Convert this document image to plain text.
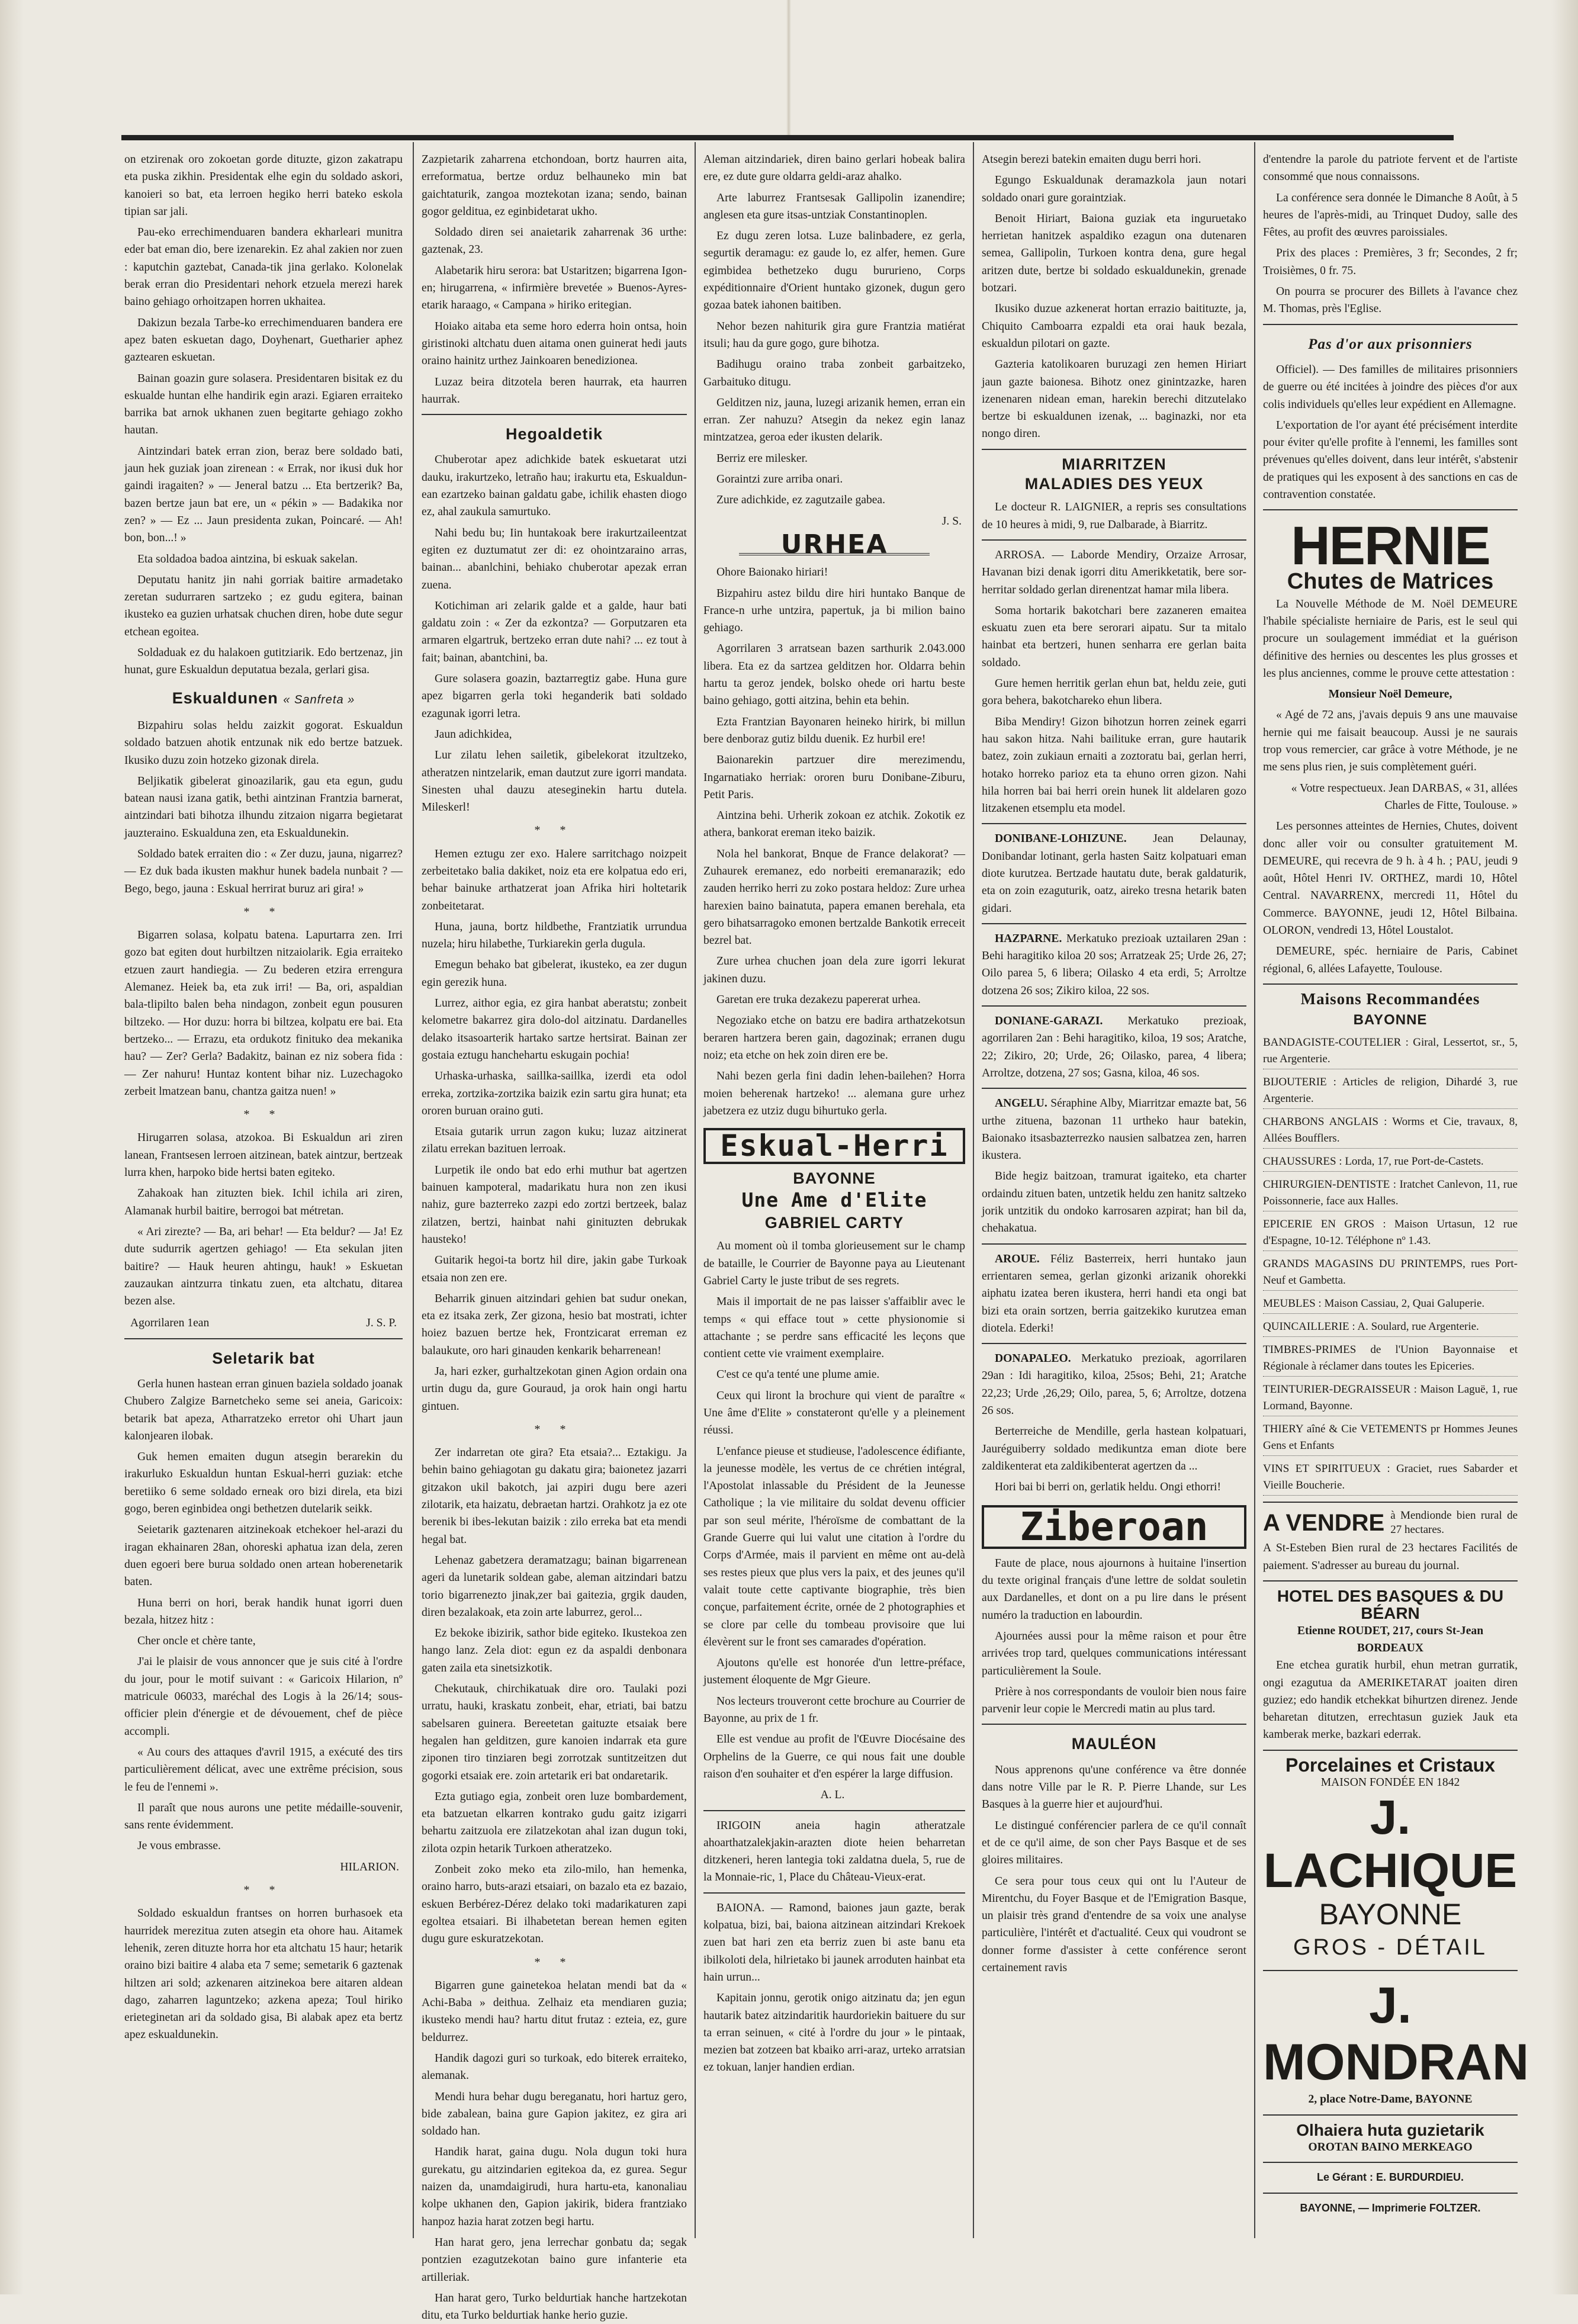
on etzirenak oro zokoetan gorde dituzte, gizon zakatrapu eta puska zikhin. Presidentak elhe egin du soldado askori, kanoieri so bat, eta lerroen hegiko herri bateko eskola tipian sar jali.

Pau-eko errechimenduaren bandera ekharleari munitra eder bat eman dio, bere izenarekin. Ez ahal zakien nor zuen : kaputchin gaztebat, Canada-tik jina gerlako. Kolonelak berak erran dio Presidentari nehork etzuela merezi harek baino gehiago orhoitzapen horren ukhaitea.

Dakizun bezala Tarbe-ko errechimenduaren bandera ere apez baten eskuetan dago, Doyhenart, Guetharier aphez gaztearen eskuetan.

Bainan goazin gure solasera. Presidentaren bisitak ez du eskualde huntan elhe handirik egin arazi. Egiaren erraiteko barrika bat arnok ukhanen zuen begitarte gehiago zokho hautan.

Aintzindari batek erran zion, beraz bere soldado bati, jaun hek guziak joan zirenean : « Errak, nor ikusi duk hor gaindi iragaiten? » — Jeneral batzu ... Eta bertzerik? Ba, bazen bertze jaun bat ere, un « pékin » — Badakika nor zen? » — Ez ... Jaun presidenta zukan, Poincaré. — Ah! bon, bon...! »

Eta soldadoa badoa aintzina, bi eskuak sakelan.

Deputatu hanitz jin nahi gorriak baitire armadetako zeretan sudurraren sartzeko ; ez gudu egitera, bainan ikusteko ea guzien urhatsak chuchen diren, hobe dute segur etchean egoitea.

Soldaduak ez du halakoen gutitziarik. Edo bertzenaz, jin hunat, gure Eskualdun deputatua bezala, gerlari gisa.

Eskualdunen « Sanfreta »

Bizpahiru solas heldu zaizkit gogorat. Eskualdun soldado batzuen ahotik entzunak nik edo bertze batzuek. Ikusiko duzu zoin hotzeko gizonak direla.

Beljikatik gibelerat ginoazilarik, gau eta egun, gudu batean nausi izana gatik, bethi aintzinan Frantzia barnerat, aintzindari bati bihotza ilhundu zitzaion nigarra begietarat jauzteraino. Eskualduna zen, eta Eskualdunekin.

Soldado batek erraiten dio : « Zer duzu, jauna, nigarrez? — Ez duk bada ikusten makhur hunek badela nunbait ? — Bego, bego, jauna : Eskual herrirat buruz ari gira! »

* *

Bigarren solasa, kolpatu batena. Lapurtarra zen. Irri gozo bat egiten dout hurbiltzen nitzaiolarik. Egia erraiteko etzuen zaurt handiegia. — Zu bederen etzira errengura Alemanez. Heiek ba, eta zuk irri! — Ba, ori, aspaldian bala-tlipilto balen beha nindagon, zonbeit egun pousuren biltzeko. — Hor duzu: horra bi biltzea, kolpatu ere bai. Eta bertzeko... — Errazu, eta ordukotz finituko dea mekanika hau? — Zer? Gerla? Badakitz, bainan ez niz sobera fida : — Zer nahuru! Huntaz kontent bihar niz. Luzechagoko zerbeit lmatzean banu, chantza gaitza nuen! »

* *

Hirugarren solasa, atzokoa. Bi Eskualdun ari ziren lanean, Frantsesen lerroen aitzinean, batek aintzur, bertzeak lurra khen, harpoko bide hertsi baten egiteko.

Zahakoak han zituzten biek. Ichil ichila ari ziren, Alamanak hurbil baitire, berrogoi bat métretan.

« Ari zirezte? — Ba, ari behar! — Eta beldur? — Ja! Ez dute sudurrik agertzen gehiago! — Eta sekulan jiten baitire? — Hauk heuren ahtingu, hauk! » Eskuetan zauzaukan aintzurra tinkatu zuen, eta altchatu, ditarea bezen alse.

Agorrilaren 1ean	J. S. P.
Seletarik bat

Gerla hunen hastean erran ginuen baziela soldado joanak Chubero Zalgize Barnetcheko seme sei aneia, Garicoix: betarik bat apeza, Atharratzeko erretor ohi Uhart jaun kalonjearen ilobak.

Guk hemen emaiten dugun atsegin berarekin du irakurluko Eskualdun huntan Eskual-herri guziak: etche beretiiko 6 seme soldado erneak oro bizi direla, eta bizi gogo, beren eginbidea ongi bethetzen dutelarik seikk.

Seietarik gaztenaren aitzinekoak etchekoer hel-arazi du iragan ekhainaren 28an, ohoreski aphatua izan dela, zeren duen egoeri bere burua soldado onen artean hoberenetarik baten.

Huna berri on hori, berak handik hunat igorri duen bezala, hitzez hitz :

Cher oncle et chère tante,

J'ai le plaisir de vous annoncer que je suis cité à l'ordre du jour, pour le motif suivant : « Garicoix Hilarion, nº matricule 06033, maréchal des Logis à la 26/14; sous-officier plein d'énergie et de dévouement, chef de pièce accompli.

« Au cours des attaques d'avril 1915, a exécuté des tirs particulièrement délicat, avec une extrême précision, sous le feu de l'ennemi ».

Il paraît que nous aurons une petite médaille-souvenir, sans rente évidemment.

Je vous embrasse.

HILARION.
* *

Soldado eskualdun frantses on horren burhasoek eta haurridek merezitua zuten atsegin eta ohore hau. Aitamek lehenik, zeren dituzte horra hor eta altchatu 15 haur; hetarik oraino bizi baitire 4 alaba eta 7 seme; semetarik 6 gaztenak hiltzen ari sold; azkenaren aitzinekoa bere aitaren aldean dago, zaharren laguntzeko; azkena apeza; Toul hiriko erieteginetan ari da soldado gisa, Bi alabak apez eta bertz apez eskualdunekin.

Zazpietarik zaharrena etchondoan, bortz haurren aita, erreformatua, bertze orduz belhauneko min bat gaichtaturik, zangoa moztekotan izana; sendo, bainan gogor gelditua, ez eginbidetarat ukho.

Soldado diren sei anaietarik zaharrenak 36 urthe: gaztenak, 23.

Alabetarik hiru serora: bat Ustaritzen; bigarrena Igon-en; hirugarrena, « infirmière brevetée » Buenos-Ayres-etarik haraago, « Campana » hiriko eritegian.

Hoiako aitaba eta seme horo ederra hoin ontsa, hoin giristinoki altchatu duen aitama onen guinerat hedi jauts oraino hainitz urthez Jainkoaren benedizionea.

Luzaz beira ditzotela beren haurrak, eta haurren haurrak.

Hegoaldetik

Chuberotar apez adichkide batek eskuetarat utzi dauku, irakurtzeko, letraño hau; irakurtu eta, Eskualdun-ean ezartzeko bainan galdatu gabe, ichilik ehasten diogo ez, ahal zaukula samurtuko.

Nahi bedu bu; Iin huntakoak bere irakurtzaileentzat egiten ez duztumatut zer di: ez ohointzaraino arras, bainan... abanlchini, behiako chuberotar apezak erran zuena.

Kotichiman ari zelarik galde et a galde, haur bati galdatu zoin : « Zer da ezkontza? — Gorputzaren eta armaren elgartruk, bertzeko erran dute nahi? ... ez tout à fait; bainan, abantchini, ba.

Gure solasera goazin, baztarregtiz gabe. Huna gure apez bigarren gerla toki heganderik bati soldado ezagunak igorri letra.

Jaun adichkidea,

Lur zilatu lehen sailetik, gibelekorat itzultzeko, atheratzen nintzelarik, eman dautzut zure igorri mandata. Sinesten uhal dauzu ateseginekin hartu dutela. Mileskerl!

* *

Hemen eztugu zer exo. Halere sarritchago noizpeit zerbeitetako balia dakiket, noiz eta ere kolpatua edo eri, behar bainuke arthatzerat joan Afrika hiri holtetarik zonbeitetarat.

Huna, jauna, bortz hildbethe, Frantziatik urrundua nuzela; hiru hilabethe, Turkiarekin gerla dugula.

Emegun behako bat gibelerat, ikusteko, ea zer dugun egin gerezik huna.

Lurrez, aithor egia, ez gira hanbat aberatstu; zonbeit kelometre bakarrez gira dolo-dol aitzinatu. Dardanelles delako itsasoarterik hartako sartze hertsirat. Bainan zer gostaia eztugu hanchehartu eskugain pochia!

Urhaska-urhaska, saillka-saillka, izerdi eta odol erreka, zortzika-zortzika baizik ezin sartu gira hunat; eta ororen buruan oraino guti.

Etsaia gutarik urrun zagon kuku; luzaz aitzinerat zilatu errekan bazituen lerroak.

Lurpetik ile ondo bat edo erhi muthur bat agertzen bainuen kampoteral, madarikatu hura non zen ikusi nahiz, gure bazterreko zazpi edo zortzi bertzeek, balaz zilatzen, bertzi, hainbat nahi ginituzten debrukak hausteko!

Guitarik hegoi-ta bortz hil dire, jakin gabe Turkoak etsaia non zen ere.

Beharrik ginuen aitzindari gehien bat sudur onekan, eta ez itsaka zerk, Zer gizona, hesio bat mostrati, ichter hoiez bazuen bertze hek, Frontzicarat erreman ez balaukute, oro hari ginauden kenkarik beharrenean!

Ja, hari ezker, gurhaltzekotan ginen Agion ordain ona urtin dugu da, gure Gouraud, ja orok hain ongi hartu gintuen.

* *

Zer indarretan ote gira? Eta etsaia?... Eztakigu. Ja behin baino gehiagotan gu dakatu gira; baionetez jazarri gitzakon ukil bakotch, jai azpiri dugu bere azeri zilotarik, eta haizatu, debraetan hartzi. Orahkotz ja ez ote berenik bi ibes-lekutan baizik : zilo erreka bat eta mendi hegal bat.

Lehenaz gabetzera deramatzagu; bainan bigarrenean ageri da lunetarik soldean gabe, aleman aitzindari batzu torio bigarrenezto jinak,zer bai gaitezia, grgik dauden, diren bezalakoak, eta zoin arte laburrez, gerol...

Ez bekoke ibizirik, sathor bide egiteko. Ikustekoa zen hango lanz. Zela diot: egun ez da aspaldi denbonara gaten zaila eta sinetsizkotik.

Chekutauk, chirchikatuak dire oro. Taulaki pozi urratu, hauki, kraskatu zonbeit, ehar, etriati, bai batzu sabelsaren guinera. Bereetetan gaituzte etsaiak bere hegalen han gelditzen, gure kanoien indarrak eta gure ziponen tiro tinziaren begi zorrotzak suntitzeitzen dut gogorki etsaiak ere. zoin artetarik eri bat ondaretarik.

Ezta gutiago egia, zonbeit oren luze bombardement, eta batzuetan elkarren kontrako gudu gaitz izigarri behartu zaitzuola ere zilatzekotan ahal izan dugun toki, zilota ozpin hetarik Turkoen atheratzeko.

Zonbeit zoko meko eta zilo-milo, han hemenka, oraino harro, buts-arazi etsaiari, on bazalo eta ez bazaio, eskuen Berbérez-Dérez delako toki madarikaturen zapi egoltea etsaiari. Bi ilhabetetan berean hemen egiten dugu gure eskuratzekotan.

* *

Bigarren gune gainetekoa helatan mendi bat da « Achi-Baba » deithua. Zelhaiz eta mendiaren guzia; ikusteko mendi hau? hartu ditut frutaz : ezteia, ez, gure beldurrez.

Handik dagozi guri so turkoak, edo biterek erraiteko, alemanak.

Mendi hura behar dugu bereganatu, hori hartuz gero, bide zabalean, baina gure Gapion jakitez, ez gira ari soldado han.

Handik harat, gaina dugu. Nola dugun toki hura gurekatu, gu aitzindarien egitekoa da, ez gurea. Segur naizen da, unamdaigirudi, hura hartu-eta, kanonaliau kolpe ukhanen den, Gapion jakirik, bidera frantziako hanpoz hazia harat zotzen begi hartu.

Han harat gero, jena lerrechar gonbatu da; segak pontzien ezagutzekotan baino gure infanterie eta artilleriak.

Han harat gero, Turko beldurtiak hanche hartzekotan ditu, eta Turko beldurtiak hanke herio guzie.

Aleman aitzindariek, diren baino gerlari hobeak balira ere, ez dute gure oldarra geldi-araz ahalko.

Arte laburrez Frantsesak Gallipolin izanendire; anglesen eta gure itsas-untziak Constantinoplen.

Ez dugu zeren lotsa. Luze balinbadere, ez gerla, segurtik deramagu: ez gaude lo, ez alfer, hemen. Gure egimbidea bethetzeko dugu bururieno, Corps expéditionnaire d'Orient huntako gizonek, dugun gero gozaa batek iahonen baitiben.

Nehor bezen nahiturik gira gure Frantzia matiérat itsuli; hau da gure gogo, gure bihotza.

Badihugu oraino traba zonbeit garbaitzeko, Garbaituko ditugu.

Gelditzen niz, jauna, luzegi arizanik hemen, erran ein erran. Zer nahuzu? Atsegin da nekez egin lanaz mintzatzea, geroa eder ikusten delarik.

Berriz ere milesker.

Goraintzi zure arriba onari.

Zure adichkide, ez zagutzaile gabea.

J. S.
URHEA

Ohore Baionako hiriari!

Bizpahiru astez bildu dire hiri huntako Banque de France-n urhe untzira, papertuk, ja bi milion baino gehiago.

Agorrilaren 3 arratsean bazen sarthurik 2.043.000 libera. Eta ez da sartzea gelditzen hor. Oldarra behin hartu ta geroz jendek, bolsko ohede ori hartu beste baino gehiago, gotti aitzina, behin eta behin.

Ezta Frantzian Bayonaren heineko hirirk, bi millun bere denboraz gutiz bildu duenik. Ez hurbil ere!

Baionarekin partzuer dire merezimendu, Ingarnatiako herriak: ororen buru Donibane-Ziburu, Petit Paris.

Aintzina behi. Urherik zokoan ez atchik. Zokotik ez athera, bankorat ereman iteko baizik.

Nola hel bankorat, Bnque de France delakorat? — Zuhaurek eremanez, edo norbeiti eremanarazik; edo zauden herriko herri zu zoko postara heldoz: Zure urhea harexien baino bainatuta, papera emanen berehala, eta gero bihatsarragoko emonen bertzalde Bankotik erreceit bezrel bat.

Zure urhea chuchen joan dela zure igorri lekurat jakinen duzu.

Garetan ere truka dezakezu papererat urhea.

Negoziako etche on batzu ere badira arthatzekotsun beraren hartzera beren gain, dagozinak; erranen dugu noiz; eta etche on hek zoin diren ere be.

Nahi bezen gerla fini dadin lehen-bailehen? Horra moien beherenak hartzeko! ... alemana gure urhez jabetzera ez utziz dugu bihurtuko gerla.

Eskual-Herri
BAYONNE
Une Ame d'Elite
GABRIEL CARTY

Au moment où il tomba glorieusement sur le champ de bataille, le Courrier de Bayonne paya au Lieutenant Gabriel Carty le juste tribut de ses regrets.

Mais il importait de ne pas laisser s'affaiblir avec le temps « qui efface tout » cette physionomie si attachante ; se perdre sans efficacité les leçons que contient cette vie vraiment exemplaire.

C'est ce qu'a tenté une plume amie.

Ceux qui liront la brochure qui vient de paraître « Une âme d'Elite » constateront qu'elle y a pleinement réussi.

L'enfance pieuse et studieuse, l'adolescence édifiante, la jeunesse modèle, les vertus de ce chrétien intégral, l'Apostolat inlassable du Président de la Jeunesse Catholique ; la vie militaire du soldat devenu officier par son seul mérite, l'héroïsme de combattant de la Grande Guerre qui lui valut une citation à l'ordre du Corps d'Armée, mais il parvient en même ont au-delà ses restes pieux que plus vers la paix, et des jeunes qu'il valait toute cette captivante biographie, très bien conçue, parfaitement écrite, ornée de 2 photographies et se clore par celle du tombeau provisoire que lui élevèrent sur le front ses camarades d'opération.

Ajoutons qu'elle est honorée d'un lettre-préface, justement éloquente de Mgr Gieure.

Nos lecteurs trouveront cette brochure au Courrier de Bayonne, au prix de 1 fr.

Elle est vendue au profit de l'Œuvre Diocésaine des Orphelins de la Guerre, ce qui nous fait une double raison d'en souhaiter et d'en espérer la large diffusion.

A. L.

IRIGOIN aneia hagin atheratzale ahoarthatzalekjakin-arazten diote heien beharretan ditzkeneri, heren lantegia toki zaldatna duela, 5, rue de la Monnaie-ric, 1, Place du Château-Vieux-erat.

BAIONA. — Ramond, baiones jaun gazte, berak kolpatua, bizi, bai, baiona aitzinean aitzindari Krekoek zuen bat hari zen eta berriz zuen bi aste banu eta ibilkoloti dela, hilrietako bi jaunek arroduten hainbat eta hain urrun...

Kapitain jonnu, gerotik onigo aitzinatu da; jen egun hautarik batez aitzindaritik haurdoriekin baituere du sur ta erran seinuen, « cité à l'ordre du jour » le pintaak, mezien bat zotzeen bat kbaiko arri-araz, urteko arratsian ez tokuan, lanjer handien erdian.

Atsegin berezi batekin emaiten dugu berri hori.

Egungo Eskualdunak deramazkola jaun notari soldado onari gure goraintziak.

Benoit Hiriart, Baiona guziak eta inguruetako herrietan hanitzek aspaldiko ezagun ona dutenaren semea, Gallipolin, Turkoen kontra dena, gure hegal aritzen dute, bertze bi soldado eskualdunekin, grenade botzari.

Ikusiko duzue azkenerat hortan errazio baitituzte, ja, Chiquito Camboarra ezpaldi eta orai hauk bezala, eskualdun pilotari on gazte.

Gazteria katolikoaren buruzagi zen hemen Hiriart jaun gazte baionesa. Bihotz onez ginintzazke, haren izenenaren nidean eman, harekin berechi ditzutelako bertze bi eskualdunen izenak, ... baginazki, nor eta nongo diren.

MIARRITZEN
MALADIES DES YEUX

Le docteur R. LAIGNIER, a repris ses consultations de 10 heures à midi, 9, rue Dalbarade, à Biarritz.

ARROSA. — Laborde Mendiry, Orzaize Arrosar, Havanan bizi denak igorri ditu Amerikketatik, bere sor-herritar soldado gerlan direnentzat hamar mila libera.

Soma hortarik bakotchari bere zazaneren emaitea eskuatu zuen eta bere serorari aipatu. Sur ta mitalo hainbat eta bertzeri, hunen senharra ere gerlan baita soldado.

Gure hemen herritik gerlan ehun bat, heldu zeie, guti gora behera, bakotchareko ehun libera.

Biba Mendiry! Gizon bihotzun horren zeinek egarri hau sakon hitza. Nahi bailituke erran, gure hautarik batez, zoin zukiaun ernaiti a zoztoratu bai, gerlan herri, hotako horreko parioz eta ta ehuno orren gizon. Nahi hila horren bai bai herri orein hunek lit aldelaren gozo litzakenen etsemplu eta model.

DONIBANE-LOHIZUNE. Jean Delaunay, Donibandar lotinant, gerla hasten Saitz kolpatuari eman diote kurutzea. Bertzade hautatu dute, berak galdaturik, eta on zoin ezaguturik, oatz, aireko tresna hetarik baten gidari.

HAZPARNE. Merkatuko prezioak uztailaren 29an : Behi haragitiko kiloa 20 sos; Arratzeak 25; Urde 26, 27; Oilo parea 5, 6 libera; Oilasko 4 eta erdi, 5; Arroltze dotzena 26 sos; Zikiro kiloa, 22 sos.

DONIANE-GARAZI. Merkatuko prezioak, agorrilaren 2an : Behi haragitiko, kiloa, 19 sos; Aratche, 22; Zikiro, 20; Urde, 26; Oilasko, parea, 4 libera; Arroltze, dotzena, 27 sos; Gasna, kiloa, 46 sos.

ANGELU. Séraphine Alby, Miarritzar emazte bat, 56 urthe zituena, bazonan 11 urtheko haur batekin, Baionako itsasbazterrezko nausien salbatzea zen, harren ikustera.

Bide hegiz baitzoan, tramurat igaiteko, eta charter ordaindu zituen baten, untzetik heldu zen hanitz saltzeko jorik untzitik du ondoko karrosaren azpirat; han bil da, chehakatua.

AROUE. Féliz Basterreix, herri huntako jaun errientaren semea, gerlan gizonki arizanik ohorekki aiphatu izatea beren ikustera, herri handi eta ongi bat bizi eta orain sortzen, berria gaitzekiko kurutzea eman diotela. Ederki!

DONAPALEO. Merkatuko prezioak, agorrilaren 29an : Idi haragitiko, kiloa, 25sos; Behi, 21; Aratche 22,23; Urde ,26,29; Oilo, parea, 5, 6; Arroltze, dotzena 26 sos.

Berterreiche de Mendille, gerla hastean kolpatuari, Jauréguiberry soldado medikuntza eman diote bere zaldikenterat eta zaldikibenterat agertzen da ...

Hori bai bi berri on, gerlatik heldu. Ongi ethorri!

Ziberoan

Faute de place, nous ajournons à huitaine l'insertion du texte original français d'une lettre de soldat souletin aux Dardanelles, et dont on a pu lire dans le présent numéro la traduction en labourdin.

Ajournées aussi pour la même raison et pour être arrivées trop tard, quelques communications intéressant particulièrement la Soule.

Prière à nos correspondants de vouloir bien nous faire parvenir leur copie le Mercredi matin au plus tard.

MAULÉON

Nous apprenons qu'une conférence va être donnée dans notre Ville par le R. P. Pierre Lhande, sur Les Basques à la guerre hier et aujourd'hui.

Le distingué conférencier parlera de ce qu'il connaît et de ce qu'il aime, de son cher Pays Basque et de ses gloires militaires.

Ce sera pour tous ceux qui ont lu l'Auteur de Mirentchu, du Foyer Basque et de l'Emigration Basque, un plaisir très grand d'entendre de sa voix une analyse particulière, l'intérêt et d'actualité. Ceux qui voudront se donner forme d'assister à cette conférence seront certainement ravis

d'entendre la parole du patriote fervent et de l'artiste consommé que nous connaissons.

La conférence sera donnée le Dimanche 8 Août, à 5 heures de l'après-midi, au Trinquet Dudoy, salle des Fêtes, au profit des œuvres paroissiales.

Prix des places : Premières, 3 fr; Secondes, 2 fr; Troisièmes, 0 fr. 75.

On pourra se procurer des Billets à l'avance chez M. Thomas, près l'Eglise.

Pas d'or aux prisonniers

Officiel). — Des familles de militaires prisonniers de guerre ou été incitées à joindre des pièces d'or aux colis individuels qu'elles leur expédient en Allemagne.

L'exportation de l'or ayant été précisément interdite pour éviter qu'elle profite à l'ennemi, les familles sont prévenues qu'elles doivent, dans leur intérêt, s'abstenir de pratiques qui les exposent à des sanctions en cas de contravention constatée.

HERNIE
Chutes de Matrices

La Nouvelle Méthode de M. Noël DEMEURE l'habile spécialiste herniaire de Paris, est le seul qui procure un soulagement immédiat et la guérison définitive des hernies ou descentes les plus grosses et les plus anciennes, comme le prouve cette attestation :

Monsieur Noël Demeure,

« Agé de 72 ans, j'avais depuis 9 ans une mauvaise hernie qui me faisait beaucoup. Aussi je ne saurais trop vous remercier, car grâce à votre Méthode, je ne me sens plus rien, je suis complètement guéri.

« Votre respectueux. Jean DARBAS, « 31, allées Charles de Fitte, Toulouse. »

Les personnes atteintes de Hernies, Chutes, doivent donc aller voir ou consulter gratuitement M. DEMEURE, qui recevra de 9 h. à 4 h. ; PAU, jeudi 9 août, Hôtel Henri IV. ORTHEZ, mardi 10, Hôtel Central. NAVARRENX, mercredi 11, Hôtel du Commerce. BAYONNE, jeudi 12, Hôtel Bilbaina. OLORON, vendredi 13, Hôtel Loustalot.

DEMEURE, spéc. herniaire de Paris, Cabinet régional, 6, allées Lafayette, Toulouse.

Maisons Recommandées
BAYONNE

BANDAGISTE-COUTELIER : Giral, Lessertot, sr., 5, rue Argenterie.

BIJOUTERIE : Articles de religion, Dihardé 3, rue Argenterie.

CHARBONS ANGLAIS : Worms et Cie, travaux, 8, Allées Boufflers.

CHAUSSURES : Lorda, 17, rue Port-de-Castets.

CHIRURGIEN-DENTISTE : Iratchet Canlevon, 11, rue Poissonnerie, face aux Halles.

EPICERIE EN GROS : Maison Urtasun, 12 rue d'Espagne, 10-12. Téléphone nº 1.43.

GRANDS MAGASINS DU PRINTEMPS, rues Port-Neuf et Gambetta.

MEUBLES : Maison Cassiau, 2, Quai Galuperie.

QUINCAILLERIE : A. Soulard, rue Argenterie.

TIMBRES-PRIMES de l'Union Bayonnaise et Régionale à réclamer dans toutes les Epiceries.

TEINTURIER-DEGRAISSEUR : Maison Laguë, 1, rue Lormand, Bayonne.

THIERY aîné & Cie VETEMENTS pr Hommes Jeunes Gens et Enfants

VINS ET SPIRITUEUX : Graciet, rues Sabarder et Vieille Boucherie.

A VENDRE à Mendionde bien rural de 27 hectares.

A St-Esteben Bien rural de 23 hectares Facilités de paiement. S'adresser au bureau du journal.

HOTEL DES BASQUES & DU BÉARN
Etienne ROUDET, 217, cours St-Jean BORDEAUX

Ene etchea guratik hurbil, ehun metran gurratik, ongi ezagutua da AMERIKETARAT joaiten diren guziez; edo handik etchekkat bihurtzen direnez. Jende beharetan ditutzen, errechtasun guziek Jauk eta kamberak merke, bazkari ederrak.

Porcelaines et Cristaux
MAISON FONDÉE EN 1842
J. LACHIQUE
BAYONNE
GROS - DÉTAIL
J. MONDRAN
2, place Notre-Dame, BAYONNE
Olhaiera huta guzietarik
OROTAN BAINO MERKEAGO
Le Gérant : E. BURDURDIEU.
BAYONNE, — Imprimerie FOLTZER.
